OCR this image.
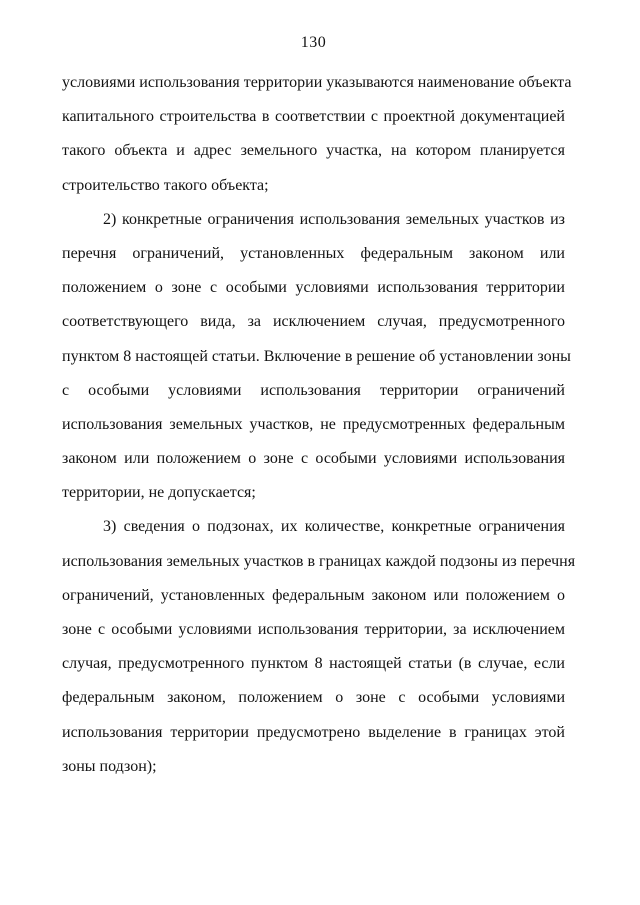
130
условиями использования территории указываются наименование объекта
капитального строительства в соответствии с проектной документацией
такого объекта и адрес земельного участка, на котором планируется
строительство такого объекта;
2) конкретные ограничения использования земельных участков из
перечня ограничений, установленных федеральным законом или
положением о зоне с особыми условиями использования территории
соответствующего вида, за исключением случая, предусмотренного
пунктом 8 настоящей статьи. Включение в решение об установлении зоны
с особыми условиями использования территории ограничений
использования земельных участков, не предусмотренных федеральным
законом или положением о зоне с особыми условиями использования
территории, не допускается;
3) сведения о подзонах, их количестве, конкретные ограничения
использования земельных участков в границах каждой подзоны из перечня
ограничений, установленных федеральным законом или положением о
зоне с особыми условиями использования территории, за исключением
случая, предусмотренного пунктом 8 настоящей статьи (в случае, если
федеральным законом, положением о зоне с особыми условиями
использования территории предусмотрено выделение в границах этой
зоны подзон);
